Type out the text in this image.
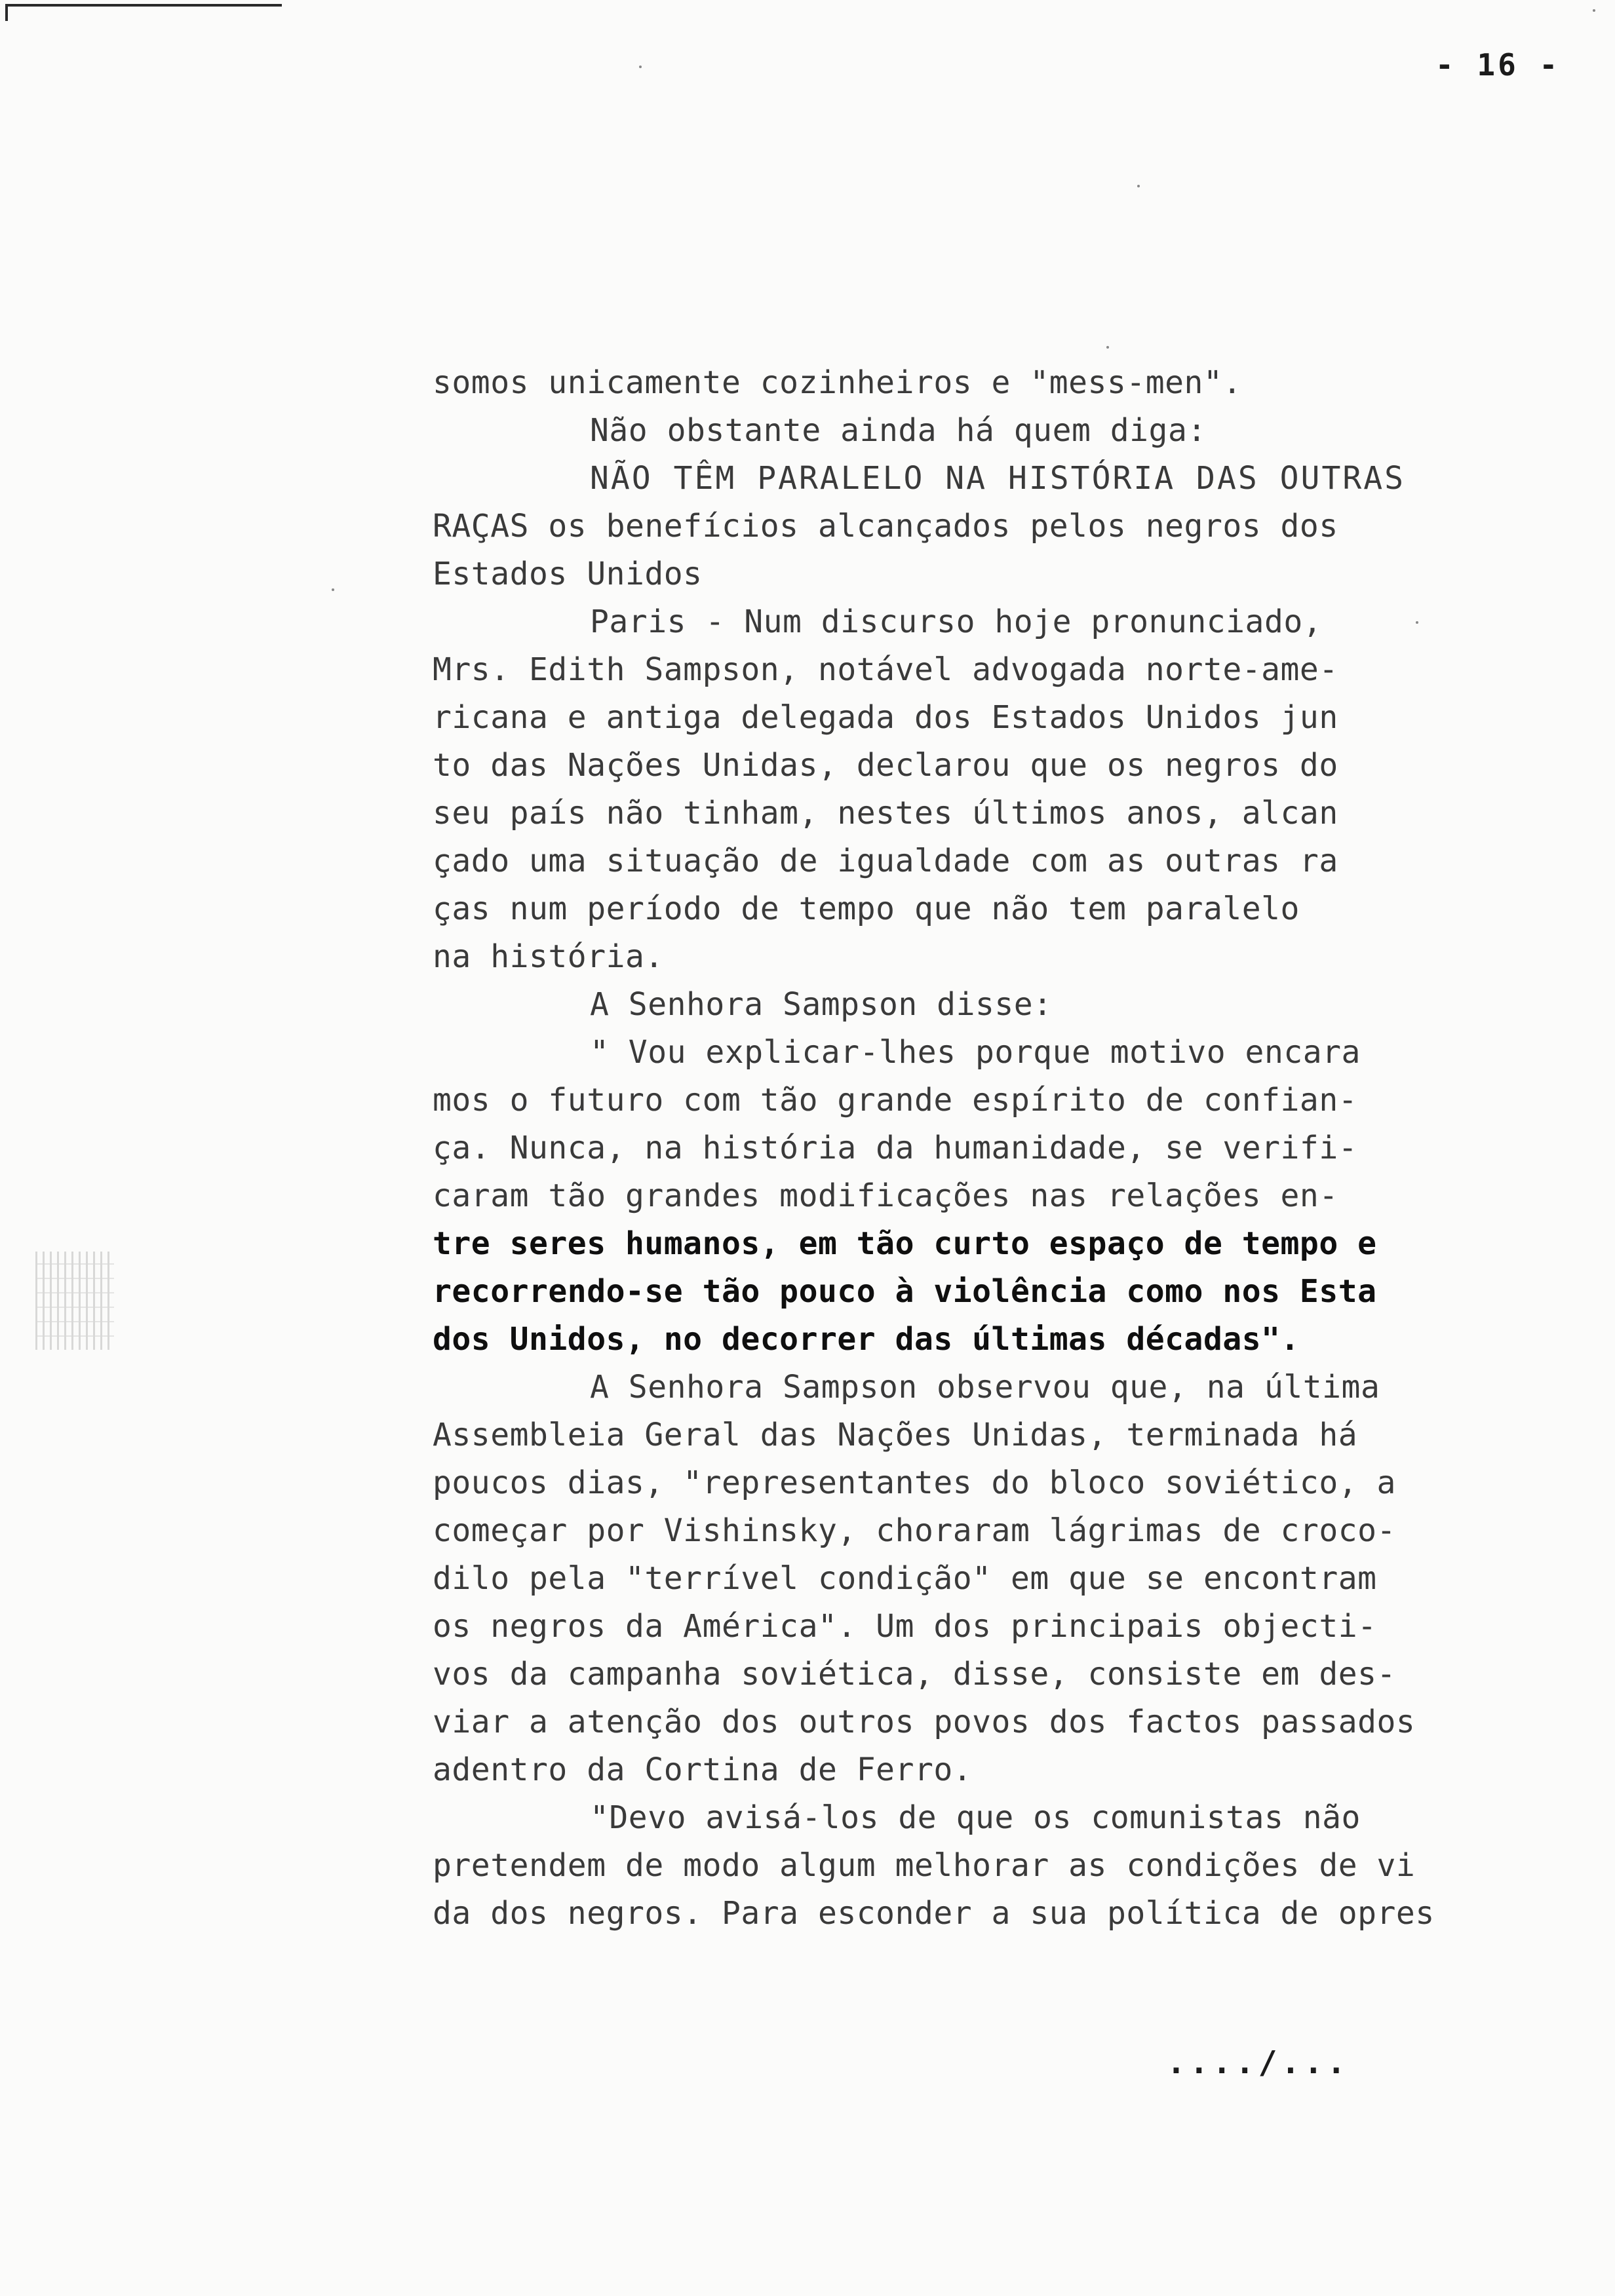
- 16 -
somos unicamente cozinheiros e "mess-men".
Não obstante ainda há quem diga:
NÃO TÊM PARALELO NA HISTÓRIA DAS OUTRAS
RAÇAS os benefícios alcançados pelos negros dos
Estados Unidos
Paris - Num discurso hoje pronunciado,
Mrs. Edith Sampson, notável advogada norte-ame-
ricana e antiga delegada dos Estados Unidos jun
to das Nações Unidas, declarou que os negros do
seu país não tinham, nestes últimos anos, alcan
çado uma situação de igualdade com as outras ra
ças num período de tempo que não tem paralelo
na história.
A Senhora Sampson disse:
" Vou explicar-lhes porque motivo encara
mos o futuro com tão grande espírito de confian-
ça. Nunca, na história da humanidade, se verifi-
caram tão grandes modificações nas relações en-
tre seres humanos, em tão curto espaço de tempo e
recorrendo-se tão pouco à violência como nos Esta
dos Unidos, no decorrer das últimas décadas".
A Senhora Sampson observou que, na última
Assembleia Geral das Nações Unidas, terminada há
poucos dias, "representantes do bloco soviético, a
começar por Vishinsky, choraram lágrimas de croco-
dilo pela "terrível condição" em que se encontram
os negros da América". Um dos principais objecti-
vos da campanha soviética, disse, consiste em des-
viar a atenção dos outros povos dos factos passados
adentro da Cortina de Ferro.
"Devo avisá-los de que os comunistas não
pretendem de modo algum melhorar as condições de vi
da dos negros. Para esconder a sua política de opres
..../...
